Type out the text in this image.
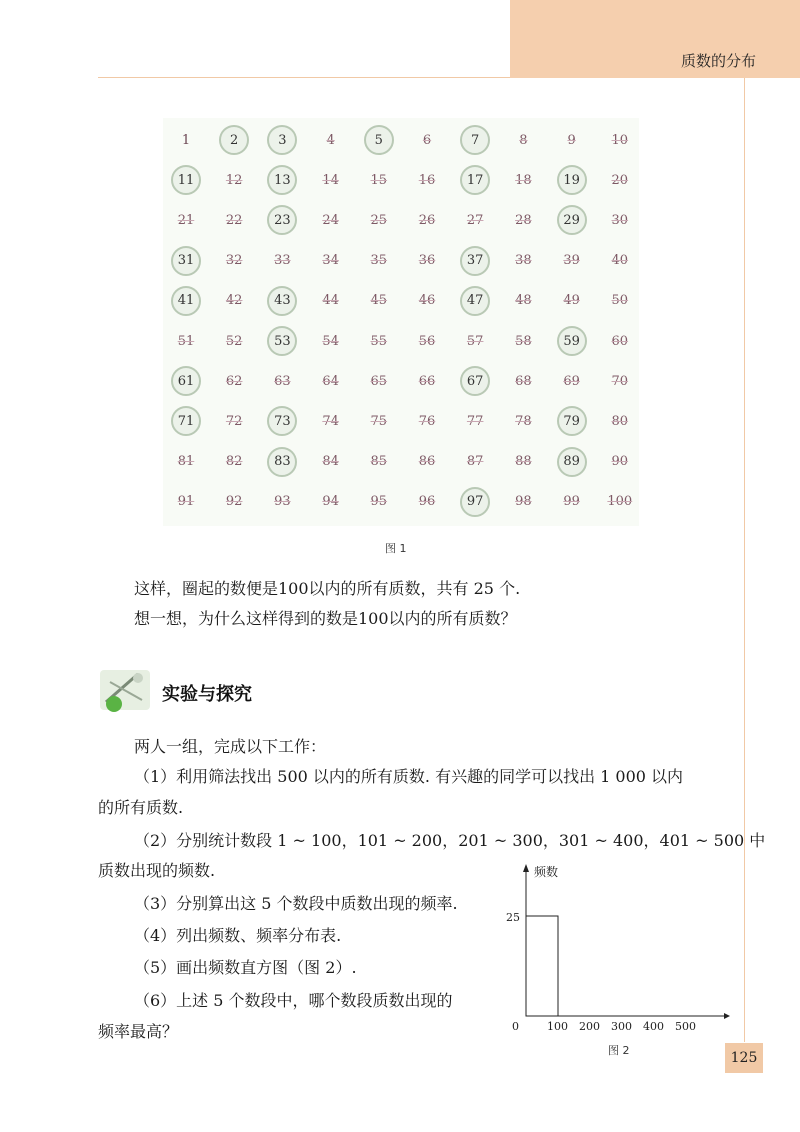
质数的分布
1	2	3	4	5	6	7	8	9	10
11	12	13	14	15	16	17	18	19	20
21	22	23	24	25	26	27	28	29	30
31	32	33	34	35	36	37	38	39	40
41	42	43	44	45	46	47	48	49	50
51	52	53	54	55	56	57	58	59	60
61	62	63	64	65	66	67	68	69	70
71	72	73	74	75	76	77	78	79	80
81	82	83	84	85	86	87	88	89	90
91	92	93	94	95	96	97	98	99	100
图 1
这样，圈起的数便是100以内的所有质数，共有 25 个.
想一想，为什么这样得到的数是100以内的所有质数？
实验与探究
两人一组，完成以下工作：
（1）利用筛法找出 500 以内的所有质数. 有兴趣的同学可以找出 1 000 以内
的所有质数.
（2）分别统计数段 1 ~ 100，101 ~ 200，201 ~ 300，301 ~ 400，401 ~ 500 中
质数出现的频数.
（3）分别算出这 5 个数段中质数出现的频率.
（4）列出频数、频率分布表.
（5）画出频数直方图（图 2）.
（6）上述 5 个数段中，哪个数段质数出现的
频率最高？
频数
25
0	100 200 300 400 500
图 2	125
